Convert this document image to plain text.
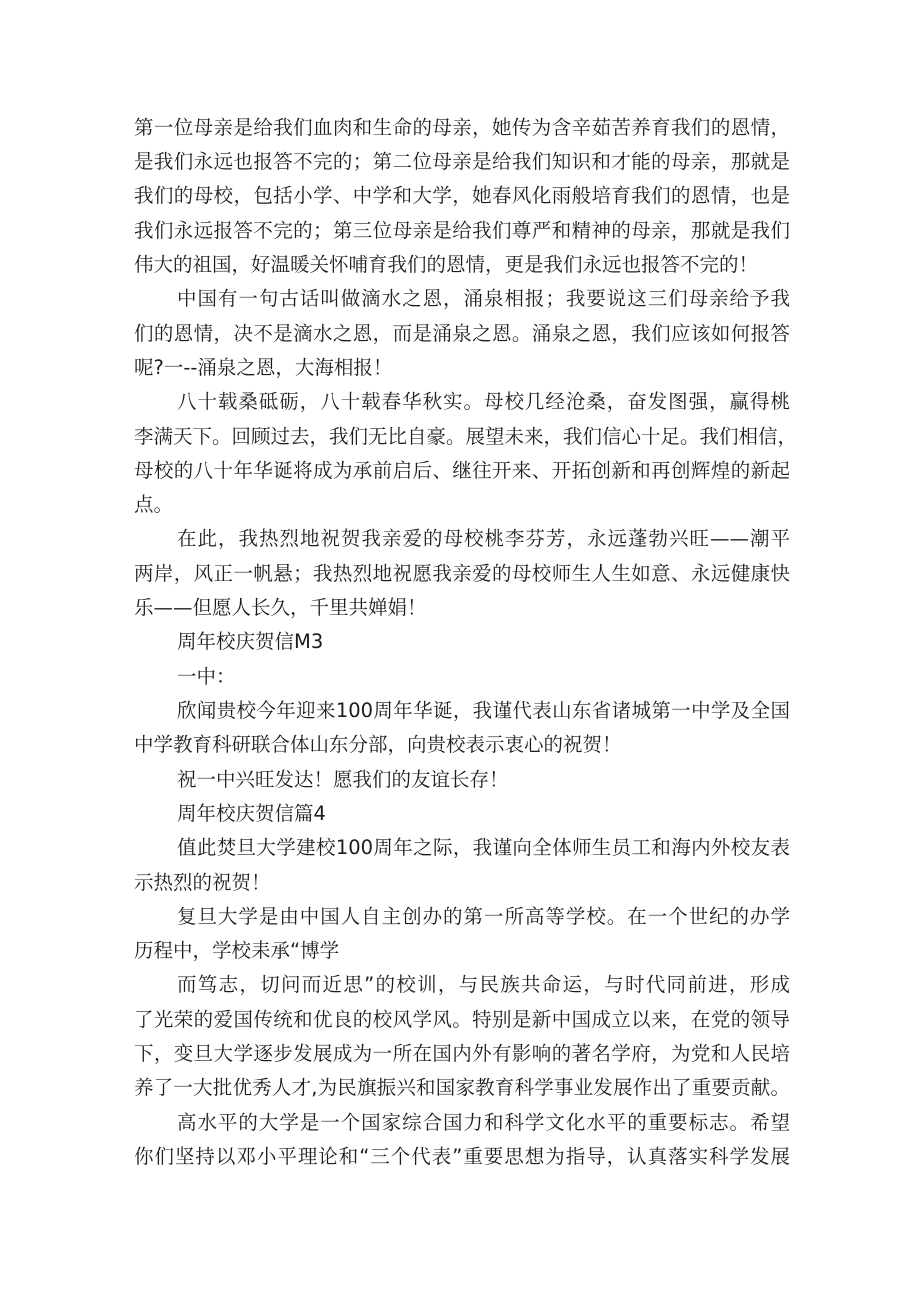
第一位母亲是给我们血肉和生命的母亲，她传为含辛茹苦养育我们的恩情，
是我们永远也报答不完的；第二位母亲是给我们知识和才能的母亲，那就是
我们的母校，包括小学、中学和大学，她春风化雨般培育我们的恩情，也是
我们永远报答不完的；第三位母亲是给我们尊严和精神的母亲，那就是我们
伟大的祖国，好温暖关怀哺育我们的恩情，更是我们永远也报答不完的！
中国有一句古话叫做滴水之恩，涌泉相报；我要说这三们母亲给予我
们的恩情，决不是滴水之恩，而是涌泉之恩。涌泉之恩，我们应该如何报答
呢?一--涌泉之恩，大海相报！
八十载桑砥砺，八十载春华秋实。母校几经沧桑，奋发图强，赢得桃
李满天下。回顾过去，我们无比自豪。展望未来，我们信心十足。我们相信，
母校的八十年华诞将成为承前启后、继往开来、开拓创新和再创辉煌的新起
点。
在此，我热烈地祝贺我亲爱的母校桃李芬芳，永远蓬勃兴旺——潮平
两岸，风正一帆悬；我热烈地祝愿我亲爱的母校师生人生如意、永远健康快
乐——但愿人长久，千里共婵娟！
周年校庆贺信M3
一中：
欣闻贵校今年迎来100周年华诞，我谨代表山东省诸城第一中学及全国
中学教育科研联合体山东分部，向贵校表示衷心的祝贺！
祝一中兴旺发达！愿我们的友谊长存！
周年校庆贺信篇4
值此焚旦大学建校100周年之际，我谨向全体师生员工和海内外校友表
示热烈的祝贺！
复旦大学是由中国人自主创办的第一所高等学校。在一个世纪的办学
历程中，学校耒承“博学
而笃志，切问而近思”的校训，与民族共命运，与时代同前进，形成
了光荣的爱国传统和优良的校风学风。特别是新中国成立以来，在党的领导
下，变旦大学逐步发展成为一所在国内外有影响的著名学府，为党和人民培
养了一大批优秀人才,为民旗振兴和国家教育科学事业发展作出了重要贡献。
高水平的大学是一个国家综合国力和科学文化水平的重要标志。希望
你们坚持以邓小平理论和“三个代表”重要思想为指导，认真落实科学发展
